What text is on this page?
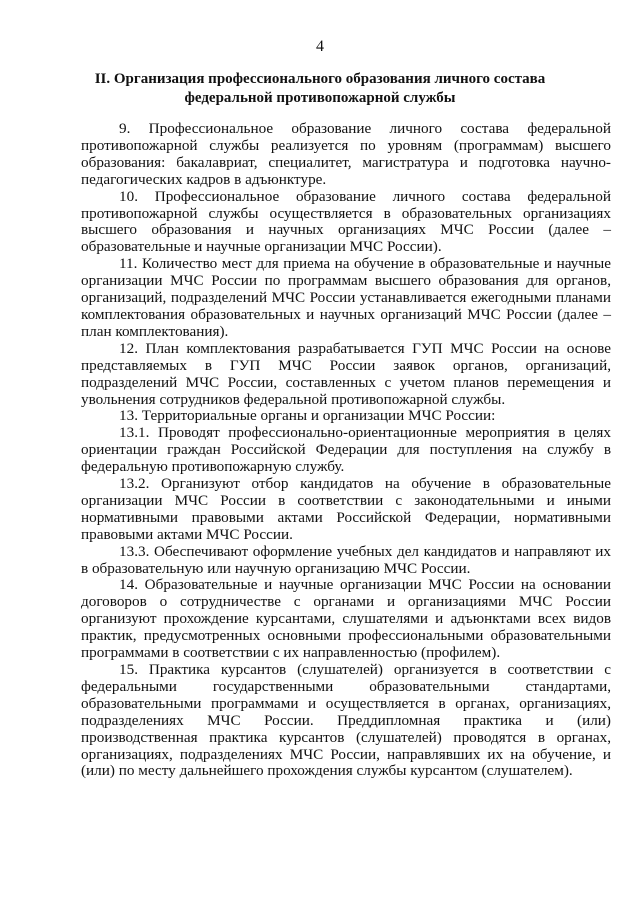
4
II. Организация профессионального образования личного состава
федеральной противопожарной службы

9. Профессиональное образование личного состава федеральной противопожарной службы реализуется по уровням (программам) высшего образования: бакалавриат, специалитет, магистратура и подготовка научно-педагогических кадров в адъюнктуре.

10. Профессиональное образование личного состава федеральной противопожарной службы осуществляется в образовательных организациях высшего образования и научных организациях МЧС России (далее – образовательные и научные организации МЧС России).

11. Количество мест для приема на обучение в образовательные и научные организации МЧС России по программам высшего образования для органов, организаций, подразделений МЧС России устанавливается ежегодными планами комплектования образовательных и научных организаций МЧС России (далее – план комплектования).

12. План комплектования разрабатывается ГУП МЧС России на основе представляемых в ГУП МЧС России заявок органов, организаций, подразделений МЧС России, составленных с учетом планов перемещения и увольнения сотрудников федеральной противопожарной службы.

13. Территориальные органы и организации МЧС России:

13.1. Проводят профессионально-ориентационные мероприятия в целях ориентации граждан Российской Федерации для поступления на службу в федеральную противопожарную службу.

13.2. Организуют отбор кандидатов на обучение в образовательные организации МЧС России в соответствии с законодательными и иными нормативными правовыми актами Российской Федерации, нормативными правовыми актами МЧС России.

13.3. Обеспечивают оформление учебных дел кандидатов и направляют их в образовательную или научную организацию МЧС России.

14. Образовательные и научные организации МЧС России на основании договоров о сотрудничестве с органами и организациями МЧС России организуют прохождение курсантами, слушателями и адъюнктами всех видов практик, предусмотренных основными профессиональными образовательными программами в соответствии с их направленностью (профилем).

15. Практика курсантов (слушателей) организуется в соответствии с федеральными государственными образовательными стандартами, образовательными программами и осуществляется в органах, организациях, подразделениях МЧС России. Преддипломная практика и (или) производственная практика курсантов (слушателей) проводятся в органах, организациях, подразделениях МЧС России, направлявших их на обучение, и (или) по месту дальнейшего прохождения службы курсантом (слушателем).
